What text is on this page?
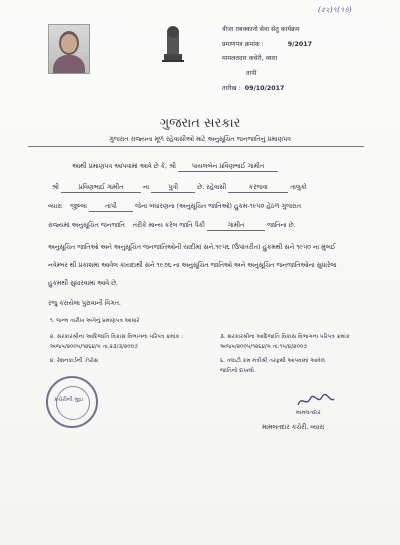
(৫২)৭(৭৪)
त्रीजा तबक्कानो सेवा सेतु कार्यक्रम
प्रमाणपत्र क्रमांक :	9/2017
मामलतदार कचेरी, व्यारा
तापी
तारीख : 09/10/2017
ગુજરાત સરકાર
ગુજરાત રાજ્યના મૂળ રહેવાસીઓ માટે અનુસૂચિત જનજાતિનું પ્રમાણપત્ર
આથી પ્રમાણપત્ર આપવામાં આવે છે કે, શ્રી	પાયલબેન પ્રવિણભાઈ ગામીત
શ્રી	પ્રવિણભાઈ ગામીત	ના	પુત્રી	છે. રહેવાસી	કરંજવા	તાલુકો
વ્યારા જીલ્લા	તાપી	જેના બંધારણના (અનુસૂચિત જાતિઓ) હુકમ-૧૯૫૦ હેઠળ ગુજરાત
રાજ્યમાં અનુસૂચિત જનજાતિ તરીકે માન્ય કરેલ જાતિ પૈકી	ગામીત	જાતિના છે.
અનુસૂચિત જાતિઓ અને અનુસૂચિત જનજાતિઓની યાદીમાં સને.૧૯૫૬ (ઉપાંતરીત) હુકમથી સને ૧૯૫૦ ના મુંબઈ
નવેમ્બર થી પ્રકાશમાં આવેલ કાયદાથી સને ૧૯૭૬ ના અનુસૂચિત જાતિઓ અને અનુસૂચિત જનજાતિઓના સુધારેલા
હુકમથી સુધારવામાં આવે છે.
રજુ કરાયેલા પુરાવાની વિગત.
૧. જન્મ તારીખ અંગેનું પ્રમાણપત્ર આધારે
૨. સરકારશ્રીના આદિજાતિ વિકાસ વિભાગના પરિપત્ર ક્રમાંક :
અજપ/૨૦૦૫/૧૨૬૪/ગ તા.૨૩/૩/૨૦૦૭
૪. રેશનકાર્ડની ઝેરોક્ષ
૩. સરકારશ્રીના આદિજાતિ વિકાસ વિભાગના પરિપત્ર ક્રમાંક
અજપ/૨૦૦૫/૧૨૬૪/ગ તા.૧૫/૪/૨૦૦૭
૬. તલાટી કમ મંત્રીશ્રી તરફથી આપવામાં આવેલ
જાતિનો દાખલો.
કચેરીની મુદ્રા
મામલતદાર
મામલતદાર કચેરી, વ્યારા
